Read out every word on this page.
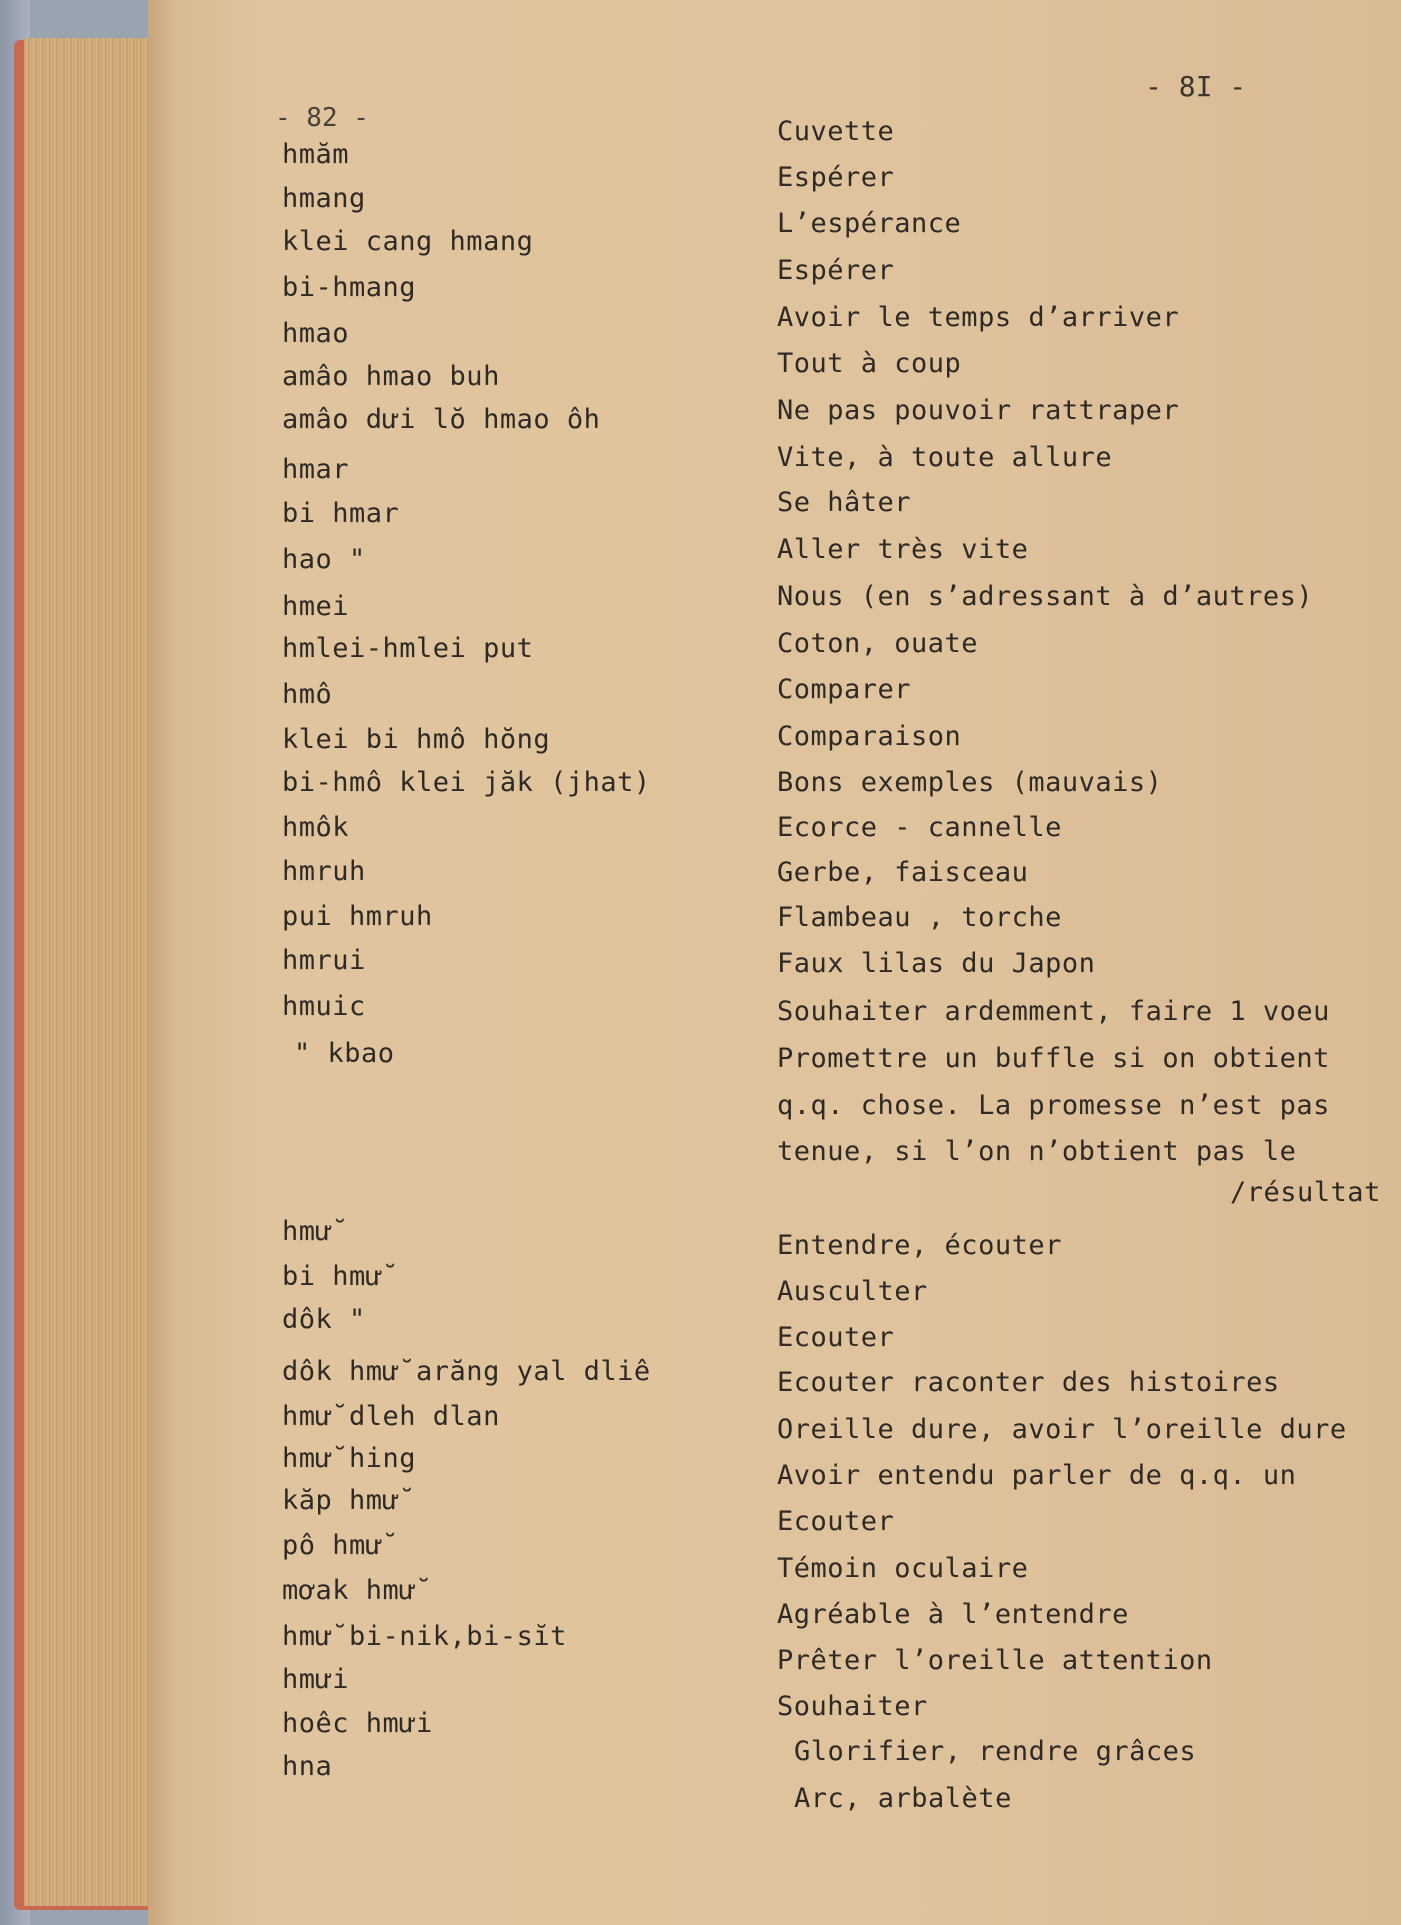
- 82 -
- 8I -
hmăm
hmang
klei cang hmang
bi-hmang
hmao
amâo hmao buh
amâo dưi lŏ hmao ôh
hmar
bi hmar
hao "
hmei
hmlei-hmlei put
hmô
klei bi hmô hŏng
bi-hmô klei jăk (jhat)
hmôk
hmruh
pui hmruh
hmrui
hmuic
" kbao
hmư̆
bi hmư̆
dôk "
dôk hmư̆ arăng yal dliê
hmư̆ dleh dlan
hmư̆ hing
kăp hmư̆
pô hmư̆
mơak hmư̆
hmư̆ bi-nik,bi-sĭt
hmưi
hoêc hmưi
hna
Cuvette
Espérer
L’espérance
Espérer
Avoir le temps d’arriver
Tout à coup
Ne pas pouvoir rattraper
Vite, à toute allure
Se hâter
Aller très vite
Nous (en s’adressant à d’autres)
Coton, ouate
Comparer
Comparaison
Bons exemples (mauvais)
Ecorce - cannelle
Gerbe, faisceau
Flambeau , torche
Faux lilas du Japon
Souhaiter ardemment, faire 1 voeu
Promettre un buffle si on obtient
q.q. chose. La promesse n’est pas
tenue, si l’on n’obtient pas le
/résultat
Entendre, écouter
Ausculter
Ecouter
Ecouter raconter des histoires
Oreille dure, avoir l’oreille dure
Avoir entendu parler de q.q. un
Ecouter
Témoin oculaire
Agréable à l’entendre
Prêter l’oreille attention
Souhaiter
Glorifier, rendre grâces
Arc, arbalète
